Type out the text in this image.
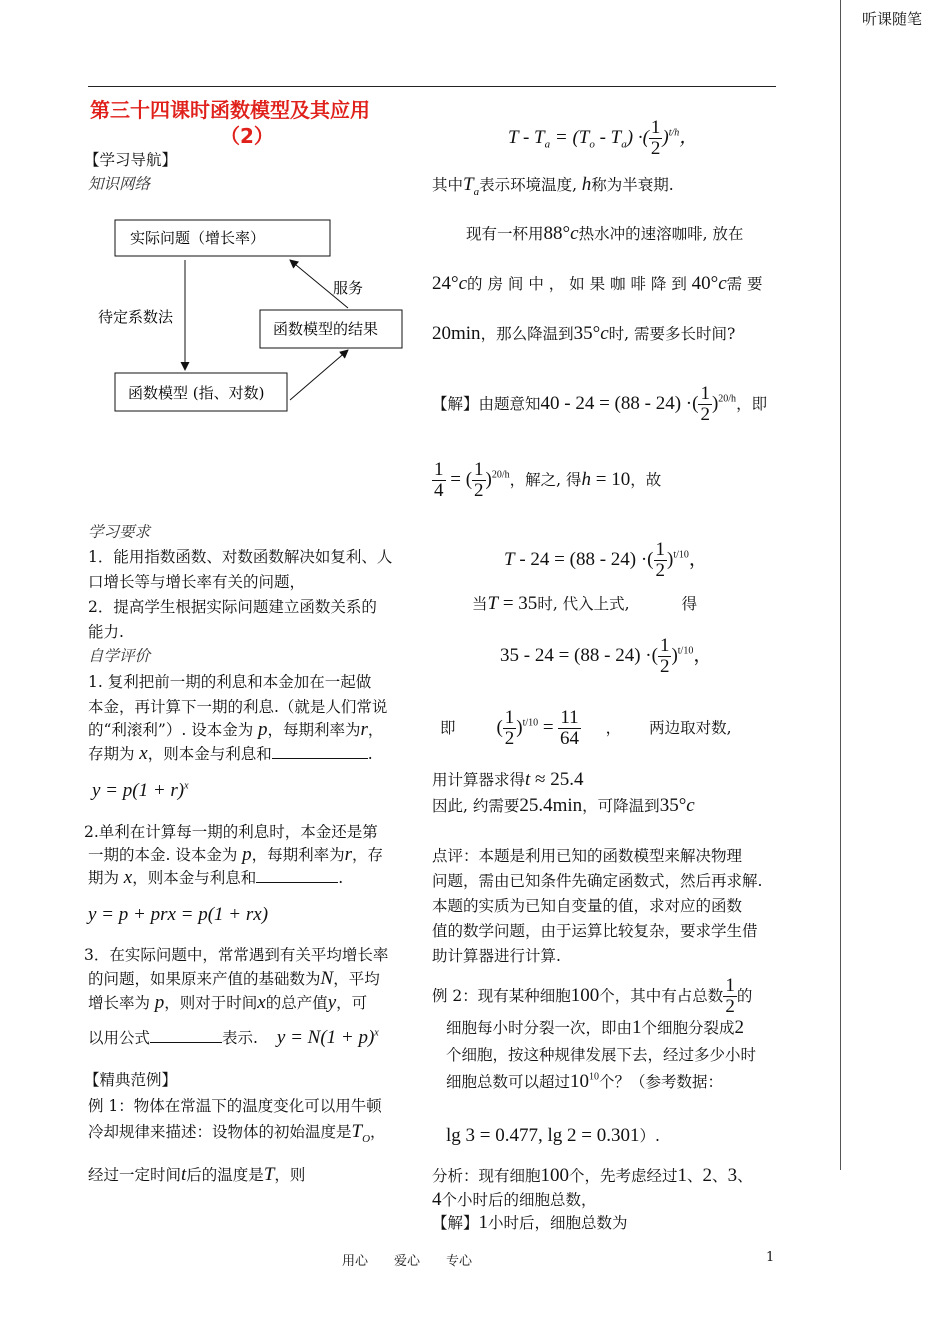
听课随笔
第三十四课时函数模型及其应用
（2）
【学习导航】
知识网络
实际问题（增长率）
函数模型的结果
函数模型 (指、对数)
服务
待定系数法
学习要求
1．能用指数函数、对数函数解决如复利、人
口增长等与增长率有关的问题，
2．提高学生根据实际问题建立函数关系的
能力.
自学评价
1. 复利把前一期的利息和本金加在一起做
本金，再计算下一期的利息.（就是人们常说
的“利滚利”）. 设本金为 p，每期利率为r，
存期为 x，则本金与利息和	.
$y = p(1 + r)^x$
2.单利在计算每一期的利息时，本金还是第
一期的本金. 设本金为 p，每期利率为r，存
期为 x，则本金与利息和	.
y = p + prx = p(1 + rx)
3．在实际问题中，常常遇到有关平均增长率
的问题，如果原来产值的基础数为N，平均
增长率为 p，则对于时间x的总产值y，可
以用公式	表示. $y = N(1 + p)^x$
【精典范例】
例 1：物体在常温下的温度变化可以用牛顿
冷却规律来描述：设物体的初始温度是$T_O$，
经过一定时间t后的温度是T，则
$T - T_a = (T_o - T_a)$ ·( $\frac{1}{2} )^{t/h}$，
其中$T_a$表示环境温度, h称为半衰期.
现有一杯用88°c热水冲的速溶咖啡, 放在
24°c的 房 间 中 ， 如 果 咖 啡 降 到 40°c需 要
20min，那么降温到35°c时, 需要多长时间?
【解】由题意知40 - 24 = (88 - 24) ·( $\frac{1}{2} )^{20/h}$，即
$\frac{1}{4}$ = ( $\frac{1}{2} )^{20/h}$，解之, 得h = 10，故
T - 24 = (88 - 24) ·( $\frac{1}{2} )^{t/10}$，
当T = 35时, 代入上式,	得
35 - 24 = (88 - 24) ·( $\frac{1}{2} )^{t/10}$，
即 ( $\frac{1}{2} )^{t/10} = \frac{11}{64}$ ， 两边取对数,
用计算器求得t ≈ 25.4
因此, 约需要25.4min，可降温到35°c
点评：本题是利用已知的函数模型来解决物理
问题，需由已知条件先确定函数式，然后再求解.
本题的实质为已知自变量的值，求对应的函数
值的数学问题，由于运算比较复杂，要求学生借
助计算器进行计算.
例 2：现有某种细胞100个，其中有占总数 $\frac{1}{2}$ 的
细胞每小时分裂一次，即由1个细胞分裂成2
个细胞，按这种规律发展下去，经过多少小时
细胞总数可以超过$10^{10}$个？（参考数据：
lg 3 = 0.477, lg 2 = 0.301）.
分析：现有细胞100个，先考虑经过1、2、3、
4个小时后的细胞总数，
【解】1小时后，细胞总数为
用心　　爱心　　专心	1
